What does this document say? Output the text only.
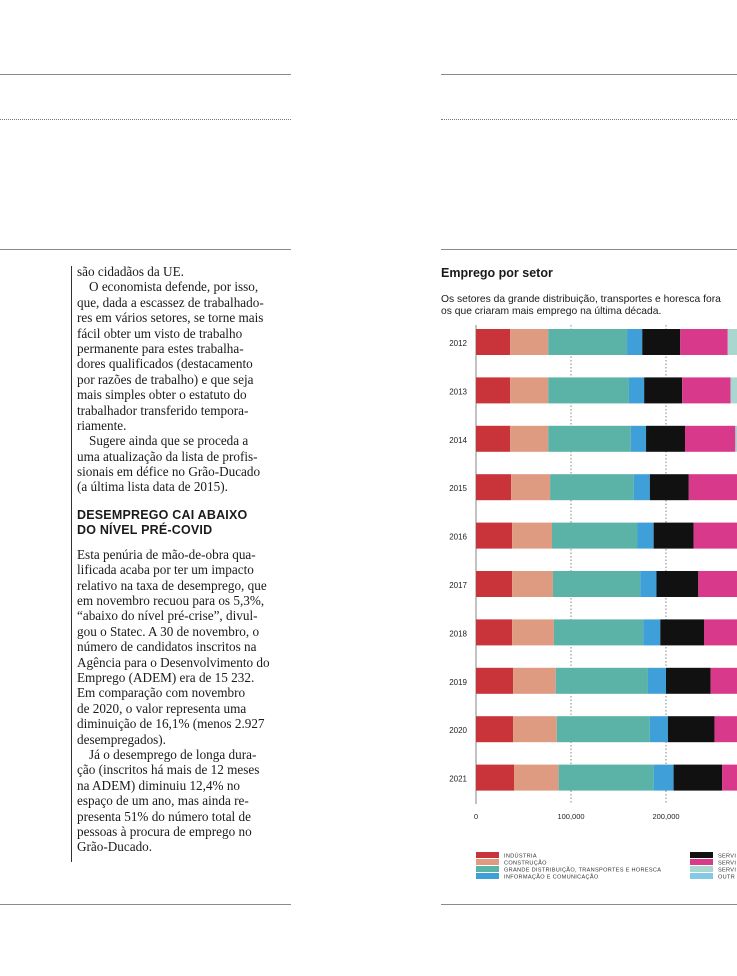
são cidadãos da UE.
O economista defende, por isso,
que, dada a escassez de trabalhado-
res em vários setores, se torne mais
fácil obter um visto de trabalho
permanente para estes trabalha-
dores qualificados (destacamento
por razões de trabalho) e que seja
mais simples obter o estatuto do
trabalhador transferido tempora-
riamente.
Sugere ainda que se proceda a
uma atualização da lista de profis-
sionais em défice no Grão-Ducado
(a última lista data de 2015).
DESEMPREGO CAI ABAIXO
DO NÍVEL PRÉ-COVID
Esta penúria de mão-de-obra qua-
lificada acaba por ter um impacto
relativo na taxa de desemprego, que
em novembro recuou para os 5,3%,
“abaixo do nível pré-crise”, divul-
gou o Statec. A 30 de novembro, o
número de candidatos inscritos na
Agência para o Desenvolvimento do
Emprego (ADEM) era de 15 232.
Em comparação com novembro
de 2020, o valor representa uma
diminuição de 16,1% (menos 2.927
desempregados).
Já o desemprego de longa dura-
ção (inscritos há mais de 12 meses
na ADEM) diminuiu 12,4% no
espaço de um ano, mas ainda re-
presenta 51% do número total de
pessoas à procura de emprego no
Grão-Ducado.
Emprego por setor
Os setores da grande distribuição, transportes e horesca fora
os que criaram mais emprego na última década.
2012
2013
2014
2015
2016
2017
2018
2019
2020
2021
0	100,000	200,000
INDÚSTRIA
CONSTRUÇÃO
GRANDE DISTRIBUIÇÃO, TRANSPORTES E HORESCA
INFORMAÇÃO E COMUNICAÇÃO
SERVI
SERVI
SERVI
OUTR
